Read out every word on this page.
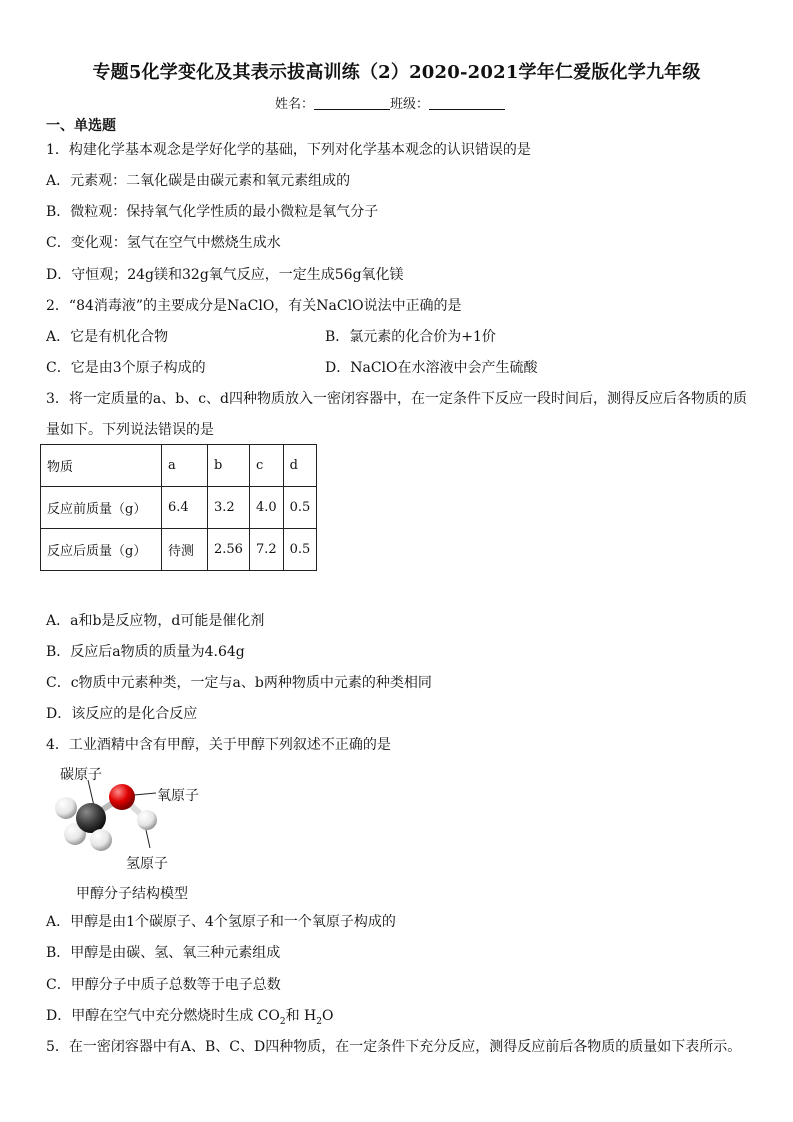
专题5化学变化及其表示拔高训练（2）2020-2021学年仁爱版化学九年级
姓名：	班级：
一、单选题
1．构建化学基本观念是学好化学的基础，下列对化学基本观念的认识错误的是
A．元素观：二氧化碳是由碳元素和氧元素组成的
B．微粒观：保持氧气化学性质的最小微粒是氧气分子
C．变化观：氢气在空气中燃烧生成水
D．守恒观；24g镁和32g氧气反应，一定生成56g氧化镁
2．“84消毒液”的主要成分是NaClO，有关NaClO说法中正确的是
A．它是有机化合物	B．氯元素的化合价为+1价
C．它是由3个原子构成的	D．NaClO在水溶液中会产生硫酸
3．将一定质量的a、b、c、d四种物质放入一密闭容器中，在一定条件下反应一段时间后，测得反应后各物质的质
量如下。下列说法错误的是
物质	a	b	c	d
反应前质量（g）	6.4	3.2	4.0	0.5
反应后质量（g）	待测	2.56	7.2	0.5
A．a和b是反应物，d可能是催化剂
B．反应后a物质的质量为4.64g
C．c物质中元素种类，一定与a、b两种物质中元素的种类相同
D．该反应的是化合反应
4．工业酒精中含有甲醇，关于甲醇下列叙述不正确的是
碳原子
氧原子
氢原子
甲醇分子结构模型
A．甲醇是由1个碳原子、4个氢原子和一个氧原子构成的
B．甲醇是由碳、氢、氧三种元素组成
C．甲醇分子中质子总数等于电子总数
D．甲醇在空气中充分燃烧时生成 $CO_2$和 $H_2O$
5．在一密闭容器中有A、B、C、D四种物质，在一定条件下充分反应，测得反应前后各物质的质量如下表所示。
